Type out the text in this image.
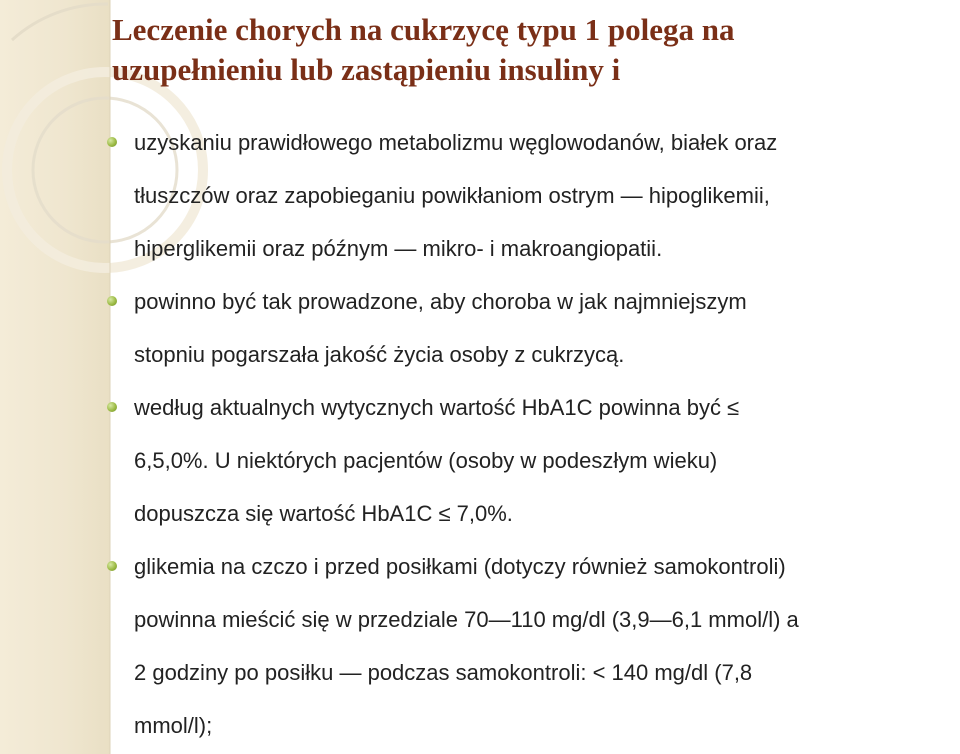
Leczenie chorych na cukrzycę typu 1 polega na
uzupełnieniu lub zastąpieniu insuliny i
uzyskaniu prawidłowego metabolizmu węglowodanów, białek oraz
tłuszczów oraz zapobieganiu powikłaniom ostrym — hipoglikemii,
hiperglikemii oraz późnym — mikro- i makroangiopatii.
powinno być tak prowadzone, aby choroba w jak najmniejszym
stopniu pogarszała jakość życia osoby z cukrzycą.
według aktualnych wytycznych wartość HbA1C powinna być ≤
6,5,0%. U niektórych pacjentów (osoby w podeszłym wieku)
dopuszcza się wartość HbA1C ≤ 7,0%.
glikemia na czczo i przed posiłkami (dotyczy również samokontroli)
powinna mieścić się w przedziale 70—110 mg/dl (3,9—6,1 mmol/l) a
2 godziny po posiłku — podczas samokontroli: < 140 mg/dl (7,8
mmol/l);
